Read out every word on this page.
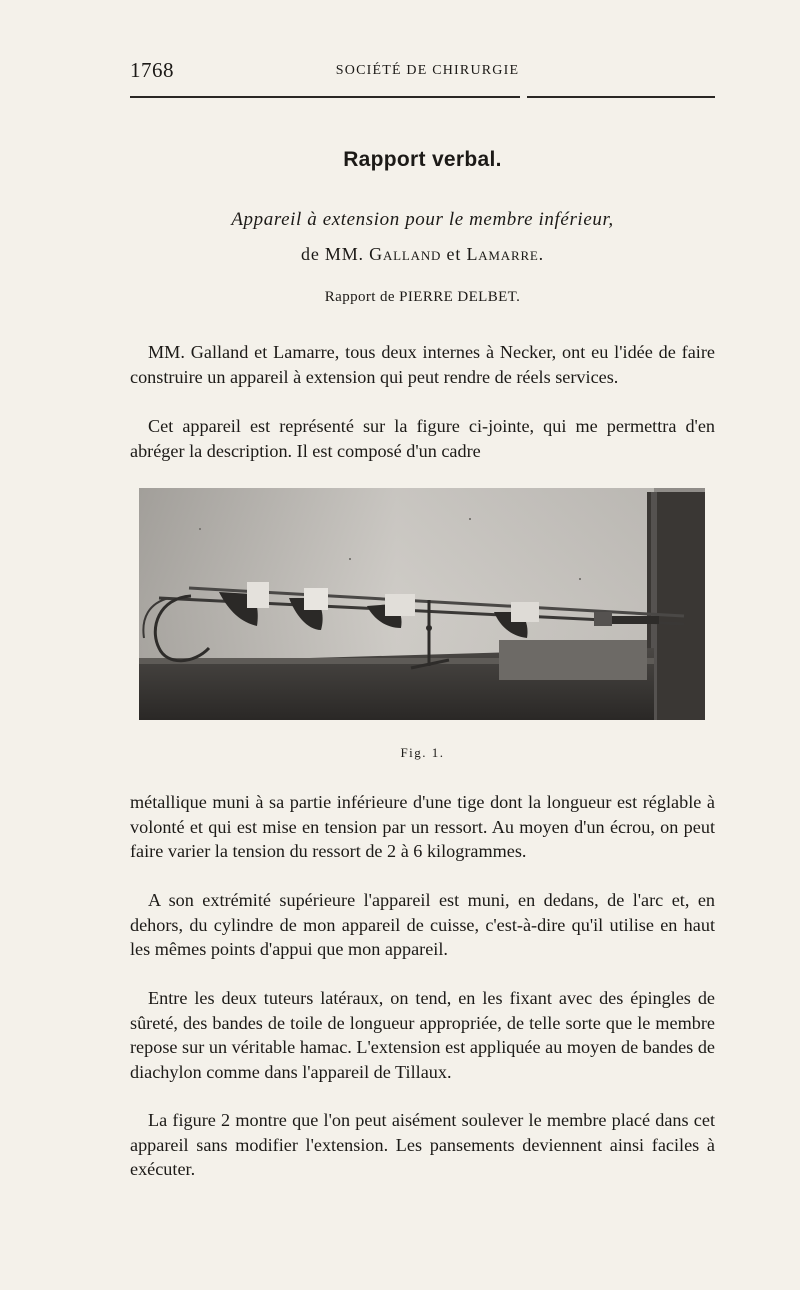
1768	SOCIÉTÉ DE CHIRURGIE
Rapport verbal.
Appareil à extension pour le membre inférieur,
de MM. Galland et Lamarre.
Rapport de PIERRE DELBET.

MM. Galland et Lamarre, tous deux internes à Necker, ont eu l'idée de faire construire un appareil à extension qui peut rendre de réels services.

Cet appareil est représenté sur la figure ci-jointe, qui me permettra d'en abréger la description. Il est composé d'un cadre

Fig. 1.

métallique muni à sa partie inférieure d'une tige dont la longueur est réglable à volonté et qui est mise en tension par un ressort. Au moyen d'un écrou, on peut faire varier la tension du ressort de 2 à 6 kilogrammes.

A son extrémité supérieure l'appareil est muni, en dedans, de l'arc et, en dehors, du cylindre de mon appareil de cuisse, c'est-à-dire qu'il utilise en haut les mêmes points d'appui que mon appareil.

Entre les deux tuteurs latéraux, on tend, en les fixant avec des épingles de sûreté, des bandes de toile de longueur appropriée, de telle sorte que le membre repose sur un véritable hamac. L'extension est appliquée au moyen de bandes de diachylon comme dans l'appareil de Tillaux.

La figure 2 montre que l'on peut aisément soulever le membre placé dans cet appareil sans modifier l'extension. Les pansements deviennent ainsi faciles à exécuter.
